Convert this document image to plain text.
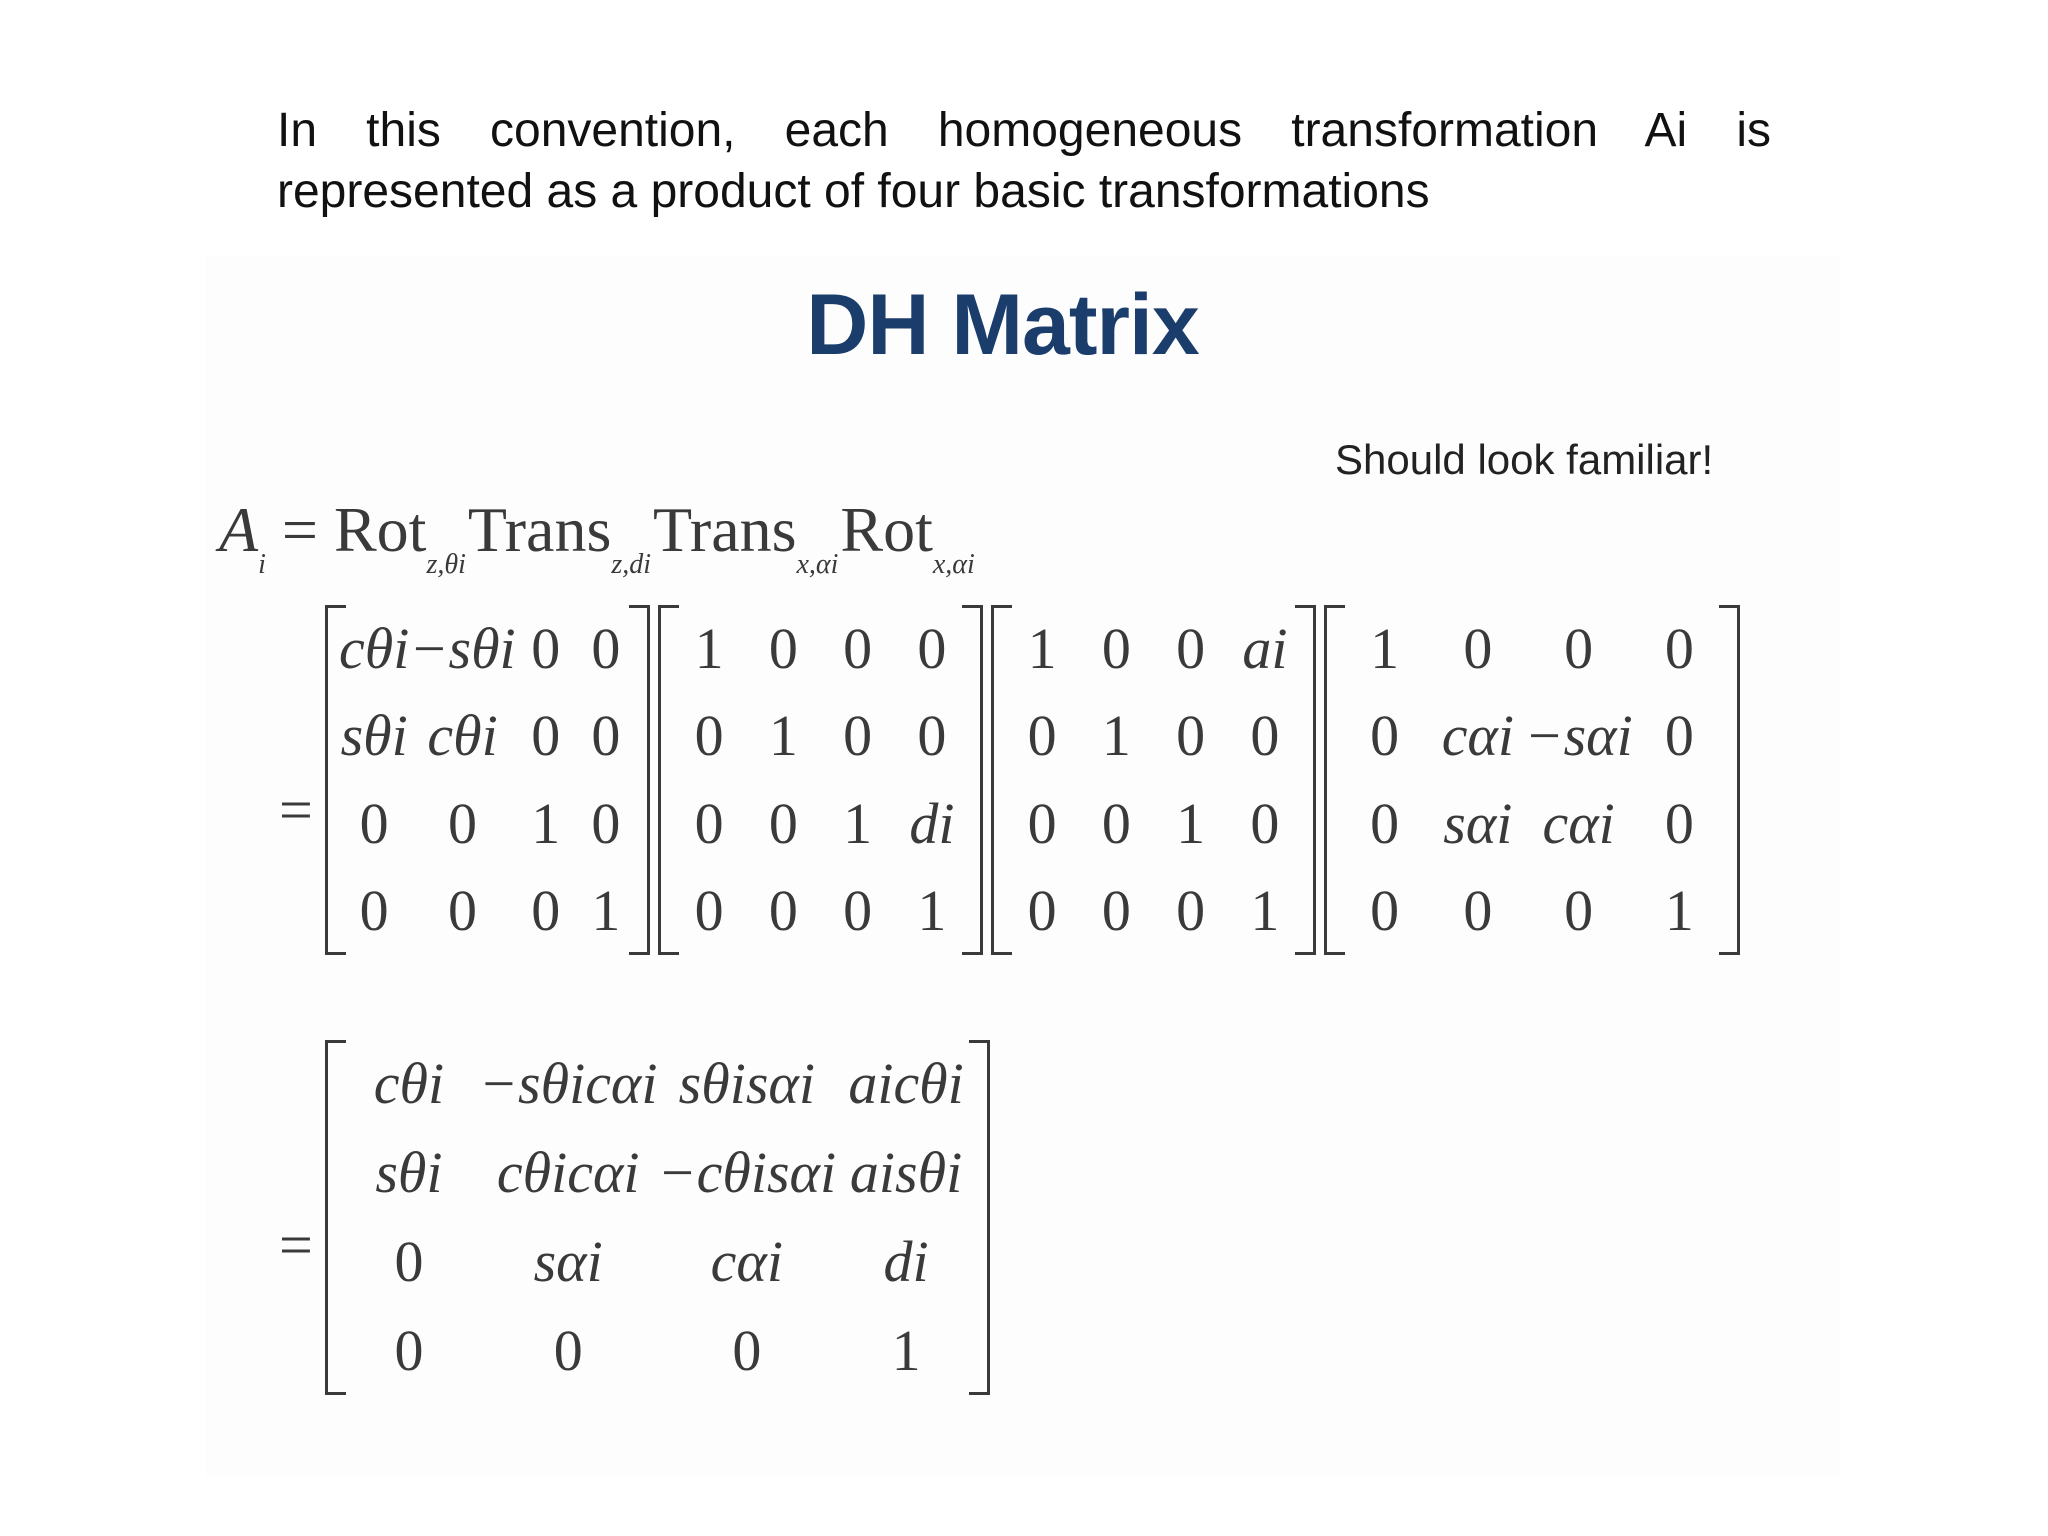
In this convention, each homogeneous transformation Ai is
represented as a product of four basic transformations
DH Matrix
Should look familiar!
$A_i$ = Rot$_{z,\theta i}$Trans$_{z,di}$Trans$_{x,\alpha i}$Rot$_{x,\alpha i}$
=
cθi −sθi 0 0
sθi cθi 0 0
0 0 1 0
0 0 0 1
1 0 0 0
0 1 0 0
0 0 1 di
0 0 0 1
1 0 0 ai
0 1 0 0
0 0 1 0
0 0 0 1
1 0 0 0
0 cαi −sαi 0
0 sαi cαi 0
0 0 0 1
=
cθi −sθicαi sθisαi aicθi
sθi cθicαi −cθisαi aisθi
0 sαi cαi di
0 0	0 1
